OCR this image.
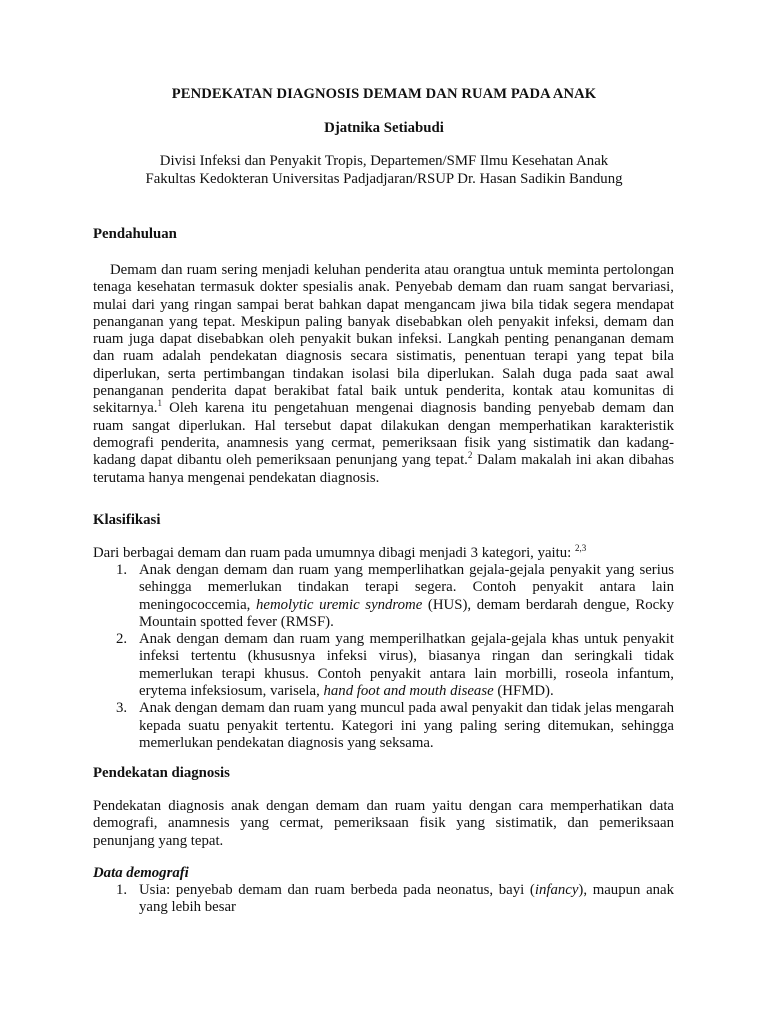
PENDEKATAN DIAGNOSIS DEMAM DAN RUAM PADA ANAK
Djatnika Setiabudi
Divisi Infeksi dan Penyakit Tropis, Departemen/SMF Ilmu Kesehatan Anak
Fakultas Kedokteran Universitas Padjadjaran/RSUP Dr. Hasan Sadikin Bandung
Pendahuluan
Demam dan ruam sering menjadi keluhan penderita atau orangtua untuk meminta pertolongan tenaga kesehatan termasuk dokter spesialis anak. Penyebab demam dan ruam sangat bervariasi, mulai dari yang ringan sampai berat bahkan dapat mengancam jiwa bila tidak segera mendapat penanganan yang tepat. Meskipun paling banyak disebabkan oleh penyakit infeksi, demam dan ruam juga dapat disebabkan oleh penyakit bukan infeksi. Langkah penting penanganan demam dan ruam adalah pendekatan diagnosis secara sistimatis, penentuan terapi yang tepat bila diperlukan, serta pertimbangan tindakan isolasi bila diperlukan. Salah duga pada saat awal penanganan penderita dapat berakibat fatal baik untuk penderita, kontak atau komunitas di sekitarnya.$^1$ Oleh karena itu pengetahuan mengenai diagnosis banding penyebab demam dan ruam sangat diperlukan. Hal tersebut dapat dilakukan dengan memperhatikan karakteristik demografi penderita, anamnesis yang cermat, pemeriksaan fisik yang sistimatik dan kadang-kadang dapat dibantu oleh pemeriksaan penunjang yang tepat.$^2$ Dalam makalah ini akan dibahas terutama hanya mengenai pendekatan diagnosis.
Klasifikasi
Dari berbagai demam dan ruam pada umumnya dibagi menjadi 3 kategori, yaitu: $^{2,3}$
1. Anak dengan demam dan ruam yang memperlihatkan gejala-gejala penyakit yang serius sehingga memerlukan tindakan terapi segera. Contoh penyakit antara lain meningococcemia, hemolytic uremic syndrome (HUS), demam berdarah dengue, Rocky Mountain spotted fever (RMSF).
2. Anak dengan demam dan ruam yang memperilhatkan gejala-gejala khas untuk penyakit infeksi tertentu (khususnya infeksi virus), biasanya ringan dan seringkali tidak memerlukan terapi khusus. Contoh penyakit antara lain morbilli, roseola infantum, erytema infeksiosum, varisela, hand foot and mouth disease (HFMD).
3. Anak dengan demam dan ruam yang muncul pada awal penyakit dan tidak jelas mengarah kepada suatu penyakit tertentu. Kategori ini yang paling sering ditemukan, sehingga memerlukan pendekatan diagnosis yang seksama.
Pendekatan diagnosis
Pendekatan diagnosis anak dengan demam dan ruam yaitu dengan cara memperhatikan data demografi, anamnesis yang cermat, pemeriksaan fisik yang sistimatik, dan pemeriksaan penunjang yang tepat.
Data demografi
1. Usia: penyebab demam dan ruam berbeda pada neonatus, bayi (infancy), maupun anak yang lebih besar
